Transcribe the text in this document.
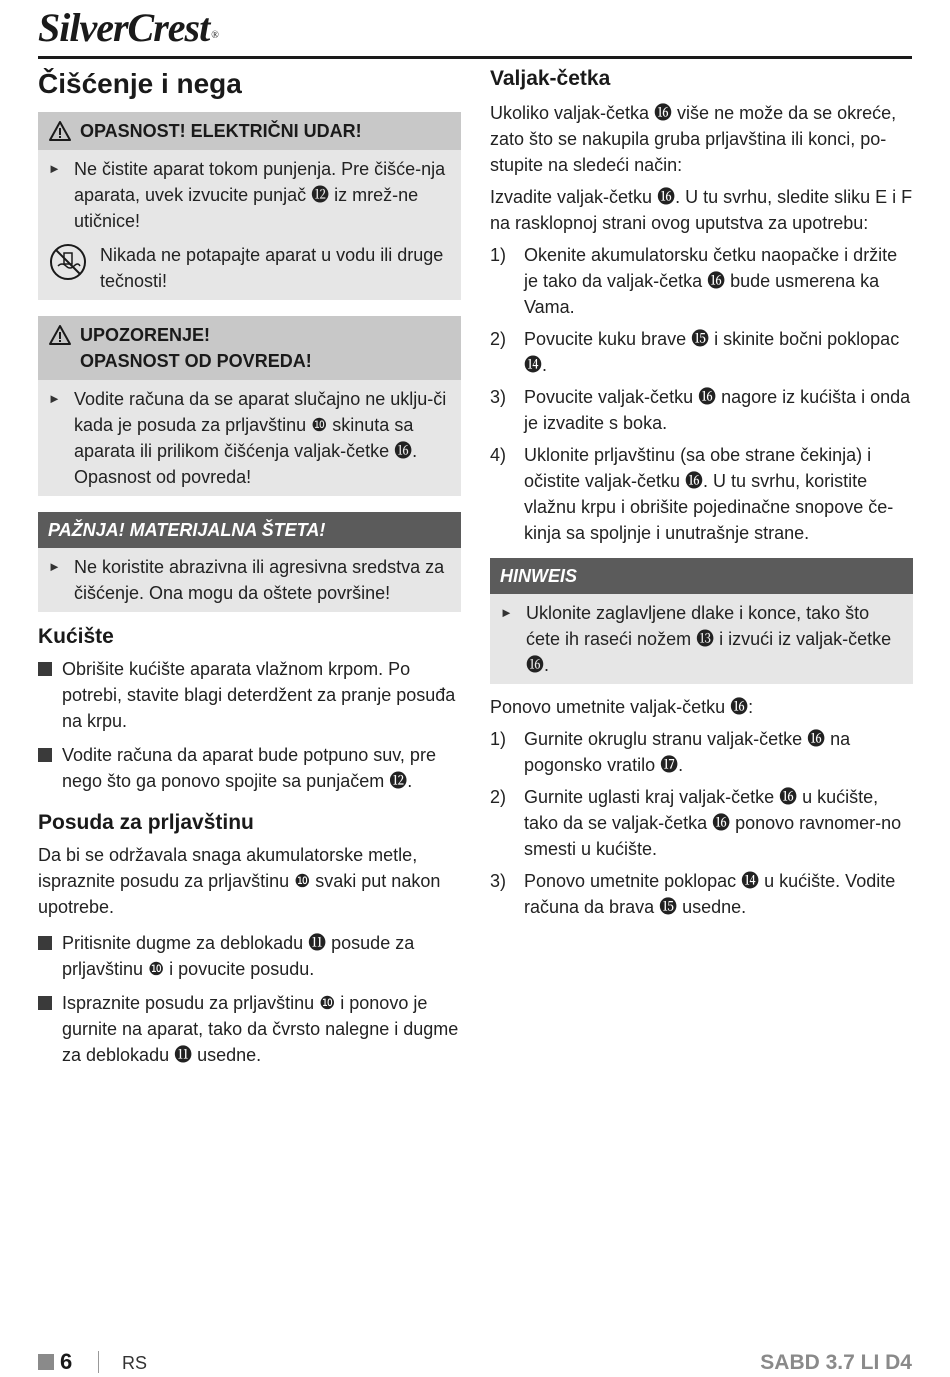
SilverCrest ®
Čišćenje i nega
OPASNOST! ELEKTRIČNI UDAR!
► Ne čistite aparat tokom punjenja. Pre čišće-nja aparata, uvek izvucite punjač ⓬ iz mrež-ne utičnice!
Nikada ne potapajte aparat u vodu ili druge tečnosti!
UPOZORENJE!
OPASNOST OD POVREDA!
► Vodite računa da se aparat slučajno ne uklju-či kada je posuda za prljavštinu ❿ skinuta sa aparata ili prilikom čišćenja valjak-četke ⓰.
Opasnost od povreda!
PAŽNJA! MATERIJALNA ŠTETA!
► Ne koristite abrazivna ili agresivna sredstva za čišćenje. Ona mogu da oštete površine!
Kućište
Obrišite kućište aparata vlažnom krpom. Po potrebi, stavite blagi deterdžent za pranje posuđa na krpu.
Vodite računa da aparat bude potpuno suv, pre nego što ga ponovo spojite sa punjačem ⓬.
Posuda za prljavštinu

Da bi se održavala snaga akumulatorske metle, ispraznite posudu za prljavštinu ❿ svaki put nakon upotrebe.

Pritisnite dugme za deblokadu ⓫ posude za prljavštinu ❿ i povucite posudu.
Ispraznite posudu za prljavštinu ❿ i ponovo je gurnite na aparat, tako da čvrsto nalegne i dugme za deblokadu ⓫ usedne.
Valjak-četka

Ukoliko valjak-četka ⓰ više ne može da se okreće, zato što se nakupila gruba prljavština ili konci, po-stupite na sledeći način:

Izvadite valjak-četku ⓰. U tu svrhu, sledite sliku E i F na rasklopnoj strani ovog uputstva za upotrebu:

1) Okenite akumulatorsku četku naopačke i držite je tako da valjak-četka ⓰ bude usmerena ka Vama.
2) Povucite kuku brave ⓯ i skinite bočni poklopac ⓮.
3) Povucite valjak-četku ⓰ nagore iz kućišta i onda je izvadite s boka.
4) Uklonite prljavštinu (sa obe strane čekinja) i očistite valjak-četku ⓰. U tu svrhu, koristite vlažnu krpu i obrišite pojedinačne snopove če-kinja sa spoljnje i unutrašnje strane.
HINWEIS
► Uklonite zaglavljene dlake i konce, tako što ćete ih raseći nožem ⓭ i izvući iz valjak-četke ⓰.

Ponovo umetnite valjak-četku ⓰:

1) Gurnite okruglu stranu valjak-četke ⓰ na pogonsko vratilo ⓱.
2) Gurnite uglasti kraj valjak-četke ⓰ u kućište, tako da se valjak-četka ⓰ ponovo ravnomer-no smesti u kućište.
3) Ponovo umetnite poklopac ⓮ u kućište. Vodite računa da brava ⓯ usedne.
6	RS	SABD 3.7 LI D4
